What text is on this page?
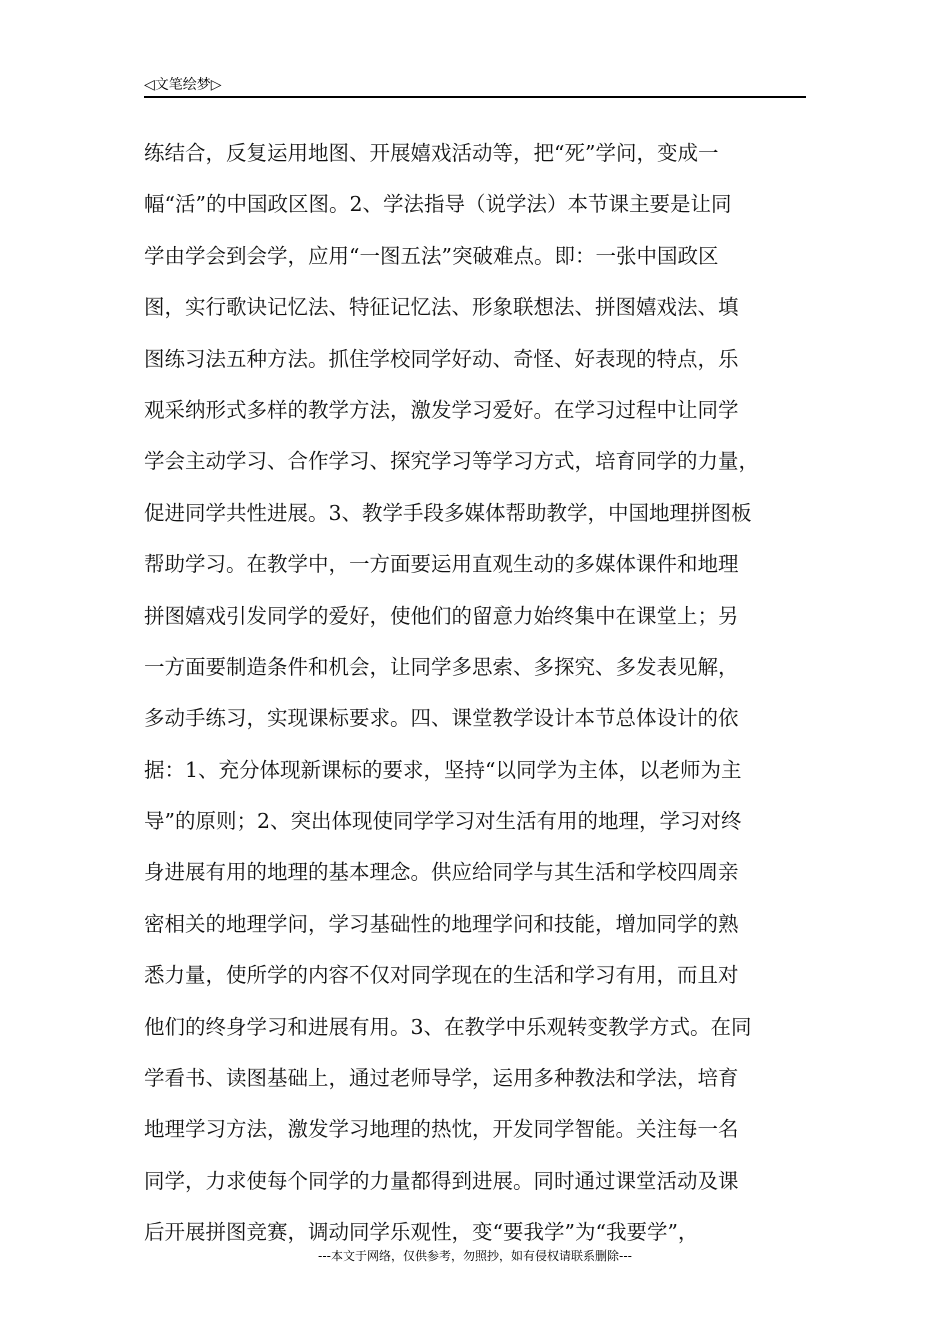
◁文笔绘梦▷
练结合，反复运用地图、开展嬉戏活动等，把“死”学问，变成一
幅“活”的中国政区图。2、学法指导（说学法）本节课主要是让同
学由学会到会学，应用“一图五法”突破难点。即：一张中国政区
图，实行歌诀记忆法、特征记忆法、形象联想法、拼图嬉戏法、填
图练习法五种方法。抓住学校同学好动、奇怪、好表现的特点，乐
观采纳形式多样的教学方法，激发学习爱好。在学习过程中让同学
学会主动学习、合作学习、探究学习等学习方式，培育同学的力量，
促进同学共性进展。3、教学手段多媒体帮助教学，中国地理拼图板
帮助学习。在教学中，一方面要运用直观生动的多媒体课件和地理
拼图嬉戏引发同学的爱好，使他们的留意力始终集中在课堂上；另
一方面要制造条件和机会，让同学多思索、多探究、多发表见解，
多动手练习，实现课标要求。四、课堂教学设计本节总体设计的依
据：1、充分体现新课标的要求，坚持“以同学为主体，以老师为主
导”的原则；2、突出体现使同学学习对生活有用的地理，学习对终
身进展有用的地理的基本理念。供应给同学与其生活和学校四周亲
密相关的地理学问，学习基础性的地理学问和技能，增加同学的熟
悉力量，使所学的内容不仅对同学现在的生活和学习有用，而且对
他们的终身学习和进展有用。3、在教学中乐观转变教学方式。在同
学看书、读图基础上，通过老师导学，运用多种教法和学法，培育
地理学习方法，激发学习地理的热忱，开发同学智能。关注每一名
同学，力求使每个同学的力量都得到进展。同时通过课堂活动及课
后开展拼图竞赛，调动同学乐观性，变“要我学”为“我要学”，
---本文于网络，仅供参考，勿照抄，如有侵权请联系删除---
